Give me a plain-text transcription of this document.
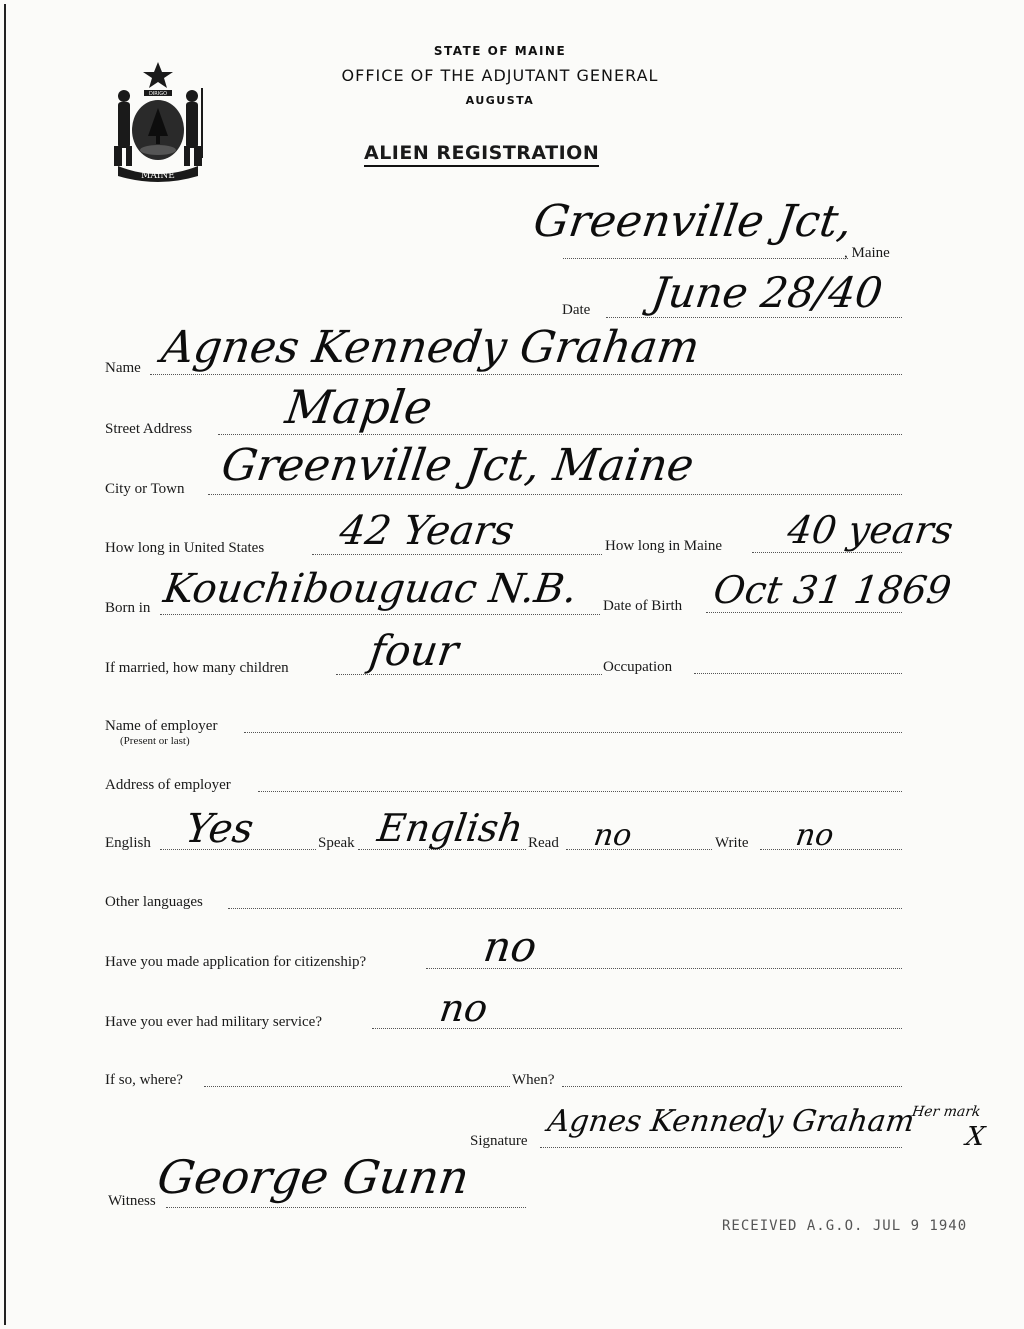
DIRIGO
MAINE
STATE OF MAINE
OFFICE OF THE ADJUTANT GENERAL
AUGUSTA
ALIEN REGISTRATION
Greenville Jct,
, Maine
Date June 28/40
Name Agnes Kennedy Graham
Street Address Maple
City or Town Greenville Jct, Maine
How long in United States 42 Years	How long in Maine 40 years
Born in Kouchibouguac N.B. Date of Birth Oct 31 1869
If married, how many children four	Occupation
Name of employer
(Present or last)
Address of employer
English Yes	Speak English Read no	Write no
Other languages
Have you made application for citizenship?	no
Have you ever had military service?	no
If so, where?	When?
Signature
Agnes Kennedy Graham
Her mark
X
Witness
George Gunn
RECEIVED A.G.O. JUL 9 1940
